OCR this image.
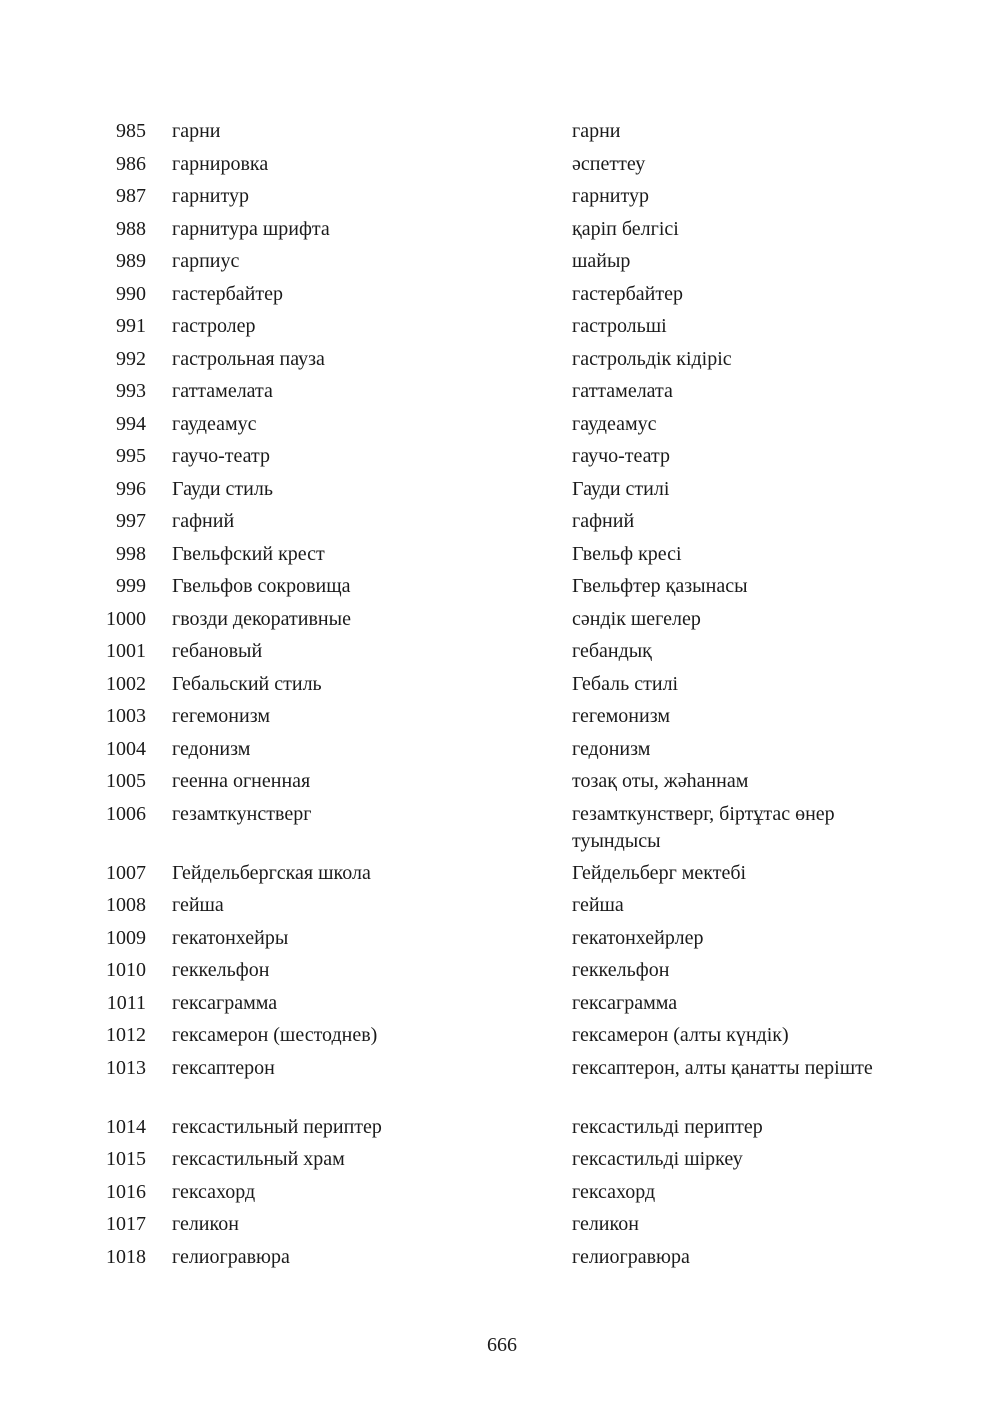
985 гарни	гарни
986 гарнировка	әспеттеу
987 гарнитур	гарнитур
988 гарнитура шрифта	қаріп белгісі
989 гарпиус	шайыр
990 гастербайтер	гастербайтер
991 гастролер	гастрольші
992 гастрольная пауза	гастрольдік кідіріс
993 гаттамелата	гаттамелата
994 гаудеамус	гаудеамус
995 гаучо-театр	гаучо-театр
996 Гауди стиль	Гауди стилі
997 гафний	гафний
998 Гвельфский крест	Гвельф кресі
999 Гвельфов сокровища	Гвельфтер қазынасы
1000 гвозди декоративные	сәндік шегелер
1001 гебановый	гебандық
1002 Гебальский стиль	Гебаль стилі
1003 гегемонизм	гегемонизм
1004 гедонизм	гедонизм
1005 геенна огненная	тозақ оты, жәһаннам
1006 гезамткунстверг	гезамткунстверг, біртұтас өнер туындысы
1007 Гейдельбергская школа	Гейдельберг мектебі
1008 гейша	гейша
1009 гекатонхейры	гекатонхейрлер
1010 геккельфон	геккельфон
1011 гексаграмма	гексаграмма
1012 гексамерон (шестоднев)	гексамерон (алты күндік)
1013 гексаптерон	гексаптерон, алты қанатты періште
1014 гексастильный периптер	гексастильді периптер
1015 гексастильный храм	гексастильді шіркеу
1016 гексахорд	гексахорд
1017 геликон	геликон
1018 гелиогравюра	гелиогравюра
666
